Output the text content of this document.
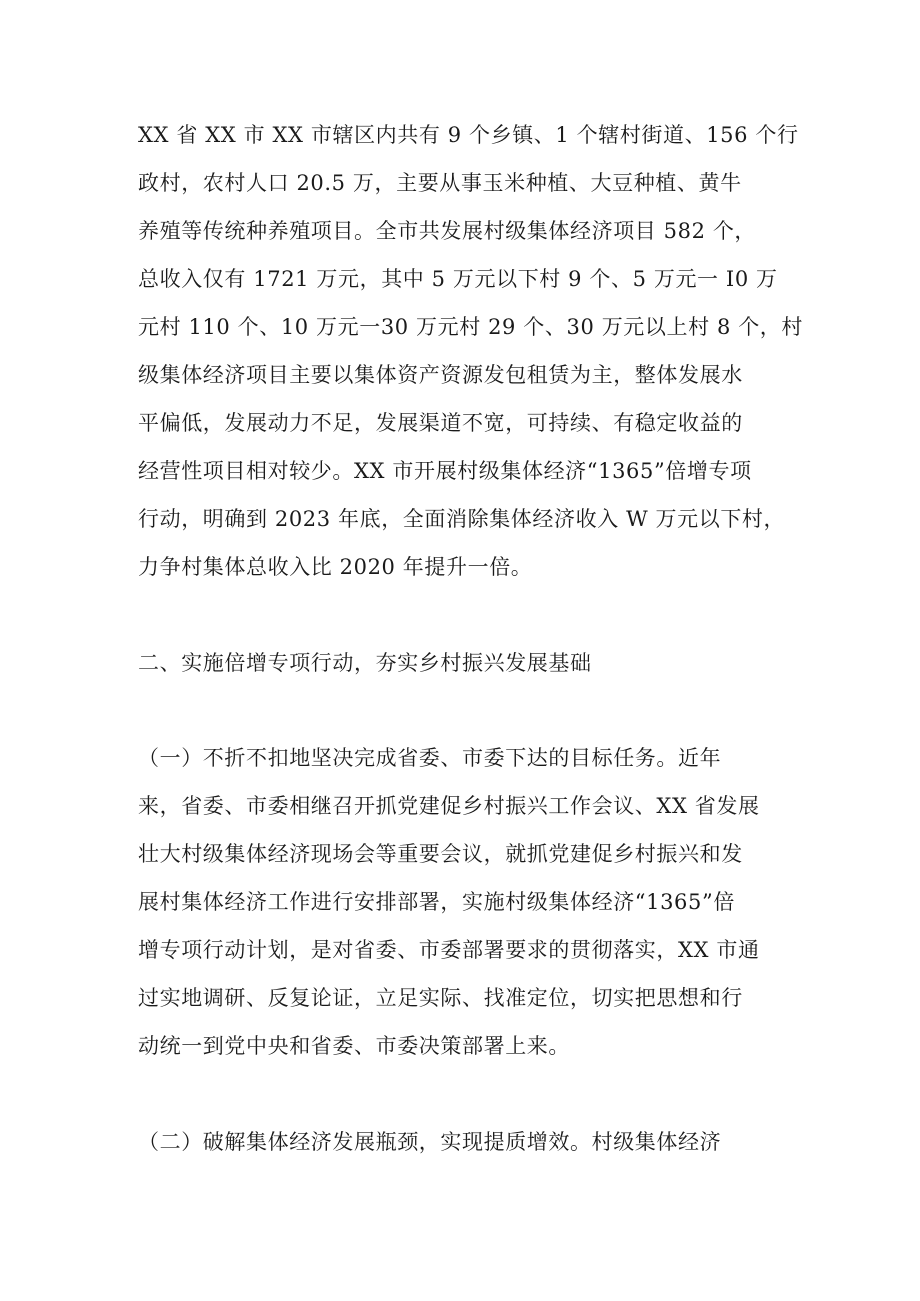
XX 省 XX 市 XX 市辖区内共有 9 个乡镇、1 个辖村街道、156 个行
政村，农村人口 20.5 万，主要从事玉米种植、大豆种植、黄牛
养殖等传统种养殖项目。全市共发展村级集体经济项目 582 个，
总收入仅有 1721 万元，其中 5 万元以下村 9 个、5 万元一 I0 万
元村 110 个、10 万元一30 万元村 29 个、30 万元以上村 8 个，村
级集体经济项目主要以集体资产资源发包租赁为主，整体发展水
平偏低，发展动力不足，发展渠道不宽，可持续、有稳定收益的
经营性项目相对较少。XX 市开展村级集体经济“1365”倍增专项
行动，明确到 2023 年底，全面消除集体经济收入 W 万元以下村，
力争村集体总收入比 2020 年提升一倍。
二、实施倍增专项行动，夯实乡村振兴发展基础
（一）不折不扣地坚决完成省委、市委下达的目标任务。近年
来，省委、市委相继召开抓党建促乡村振兴工作会议、XX 省发展
壮大村级集体经济现场会等重要会议，就抓党建促乡村振兴和发
展村集体经济工作进行安排部署，实施村级集体经济“1365”倍
增专项行动计划，是对省委、市委部署要求的贯彻落实，XX 市通
过实地调研、反复论证，立足实际、找准定位，切实把思想和行
动统一到党中央和省委、市委决策部署上来。
（二）破解集体经济发展瓶颈，实现提质增效。村级集体经济
